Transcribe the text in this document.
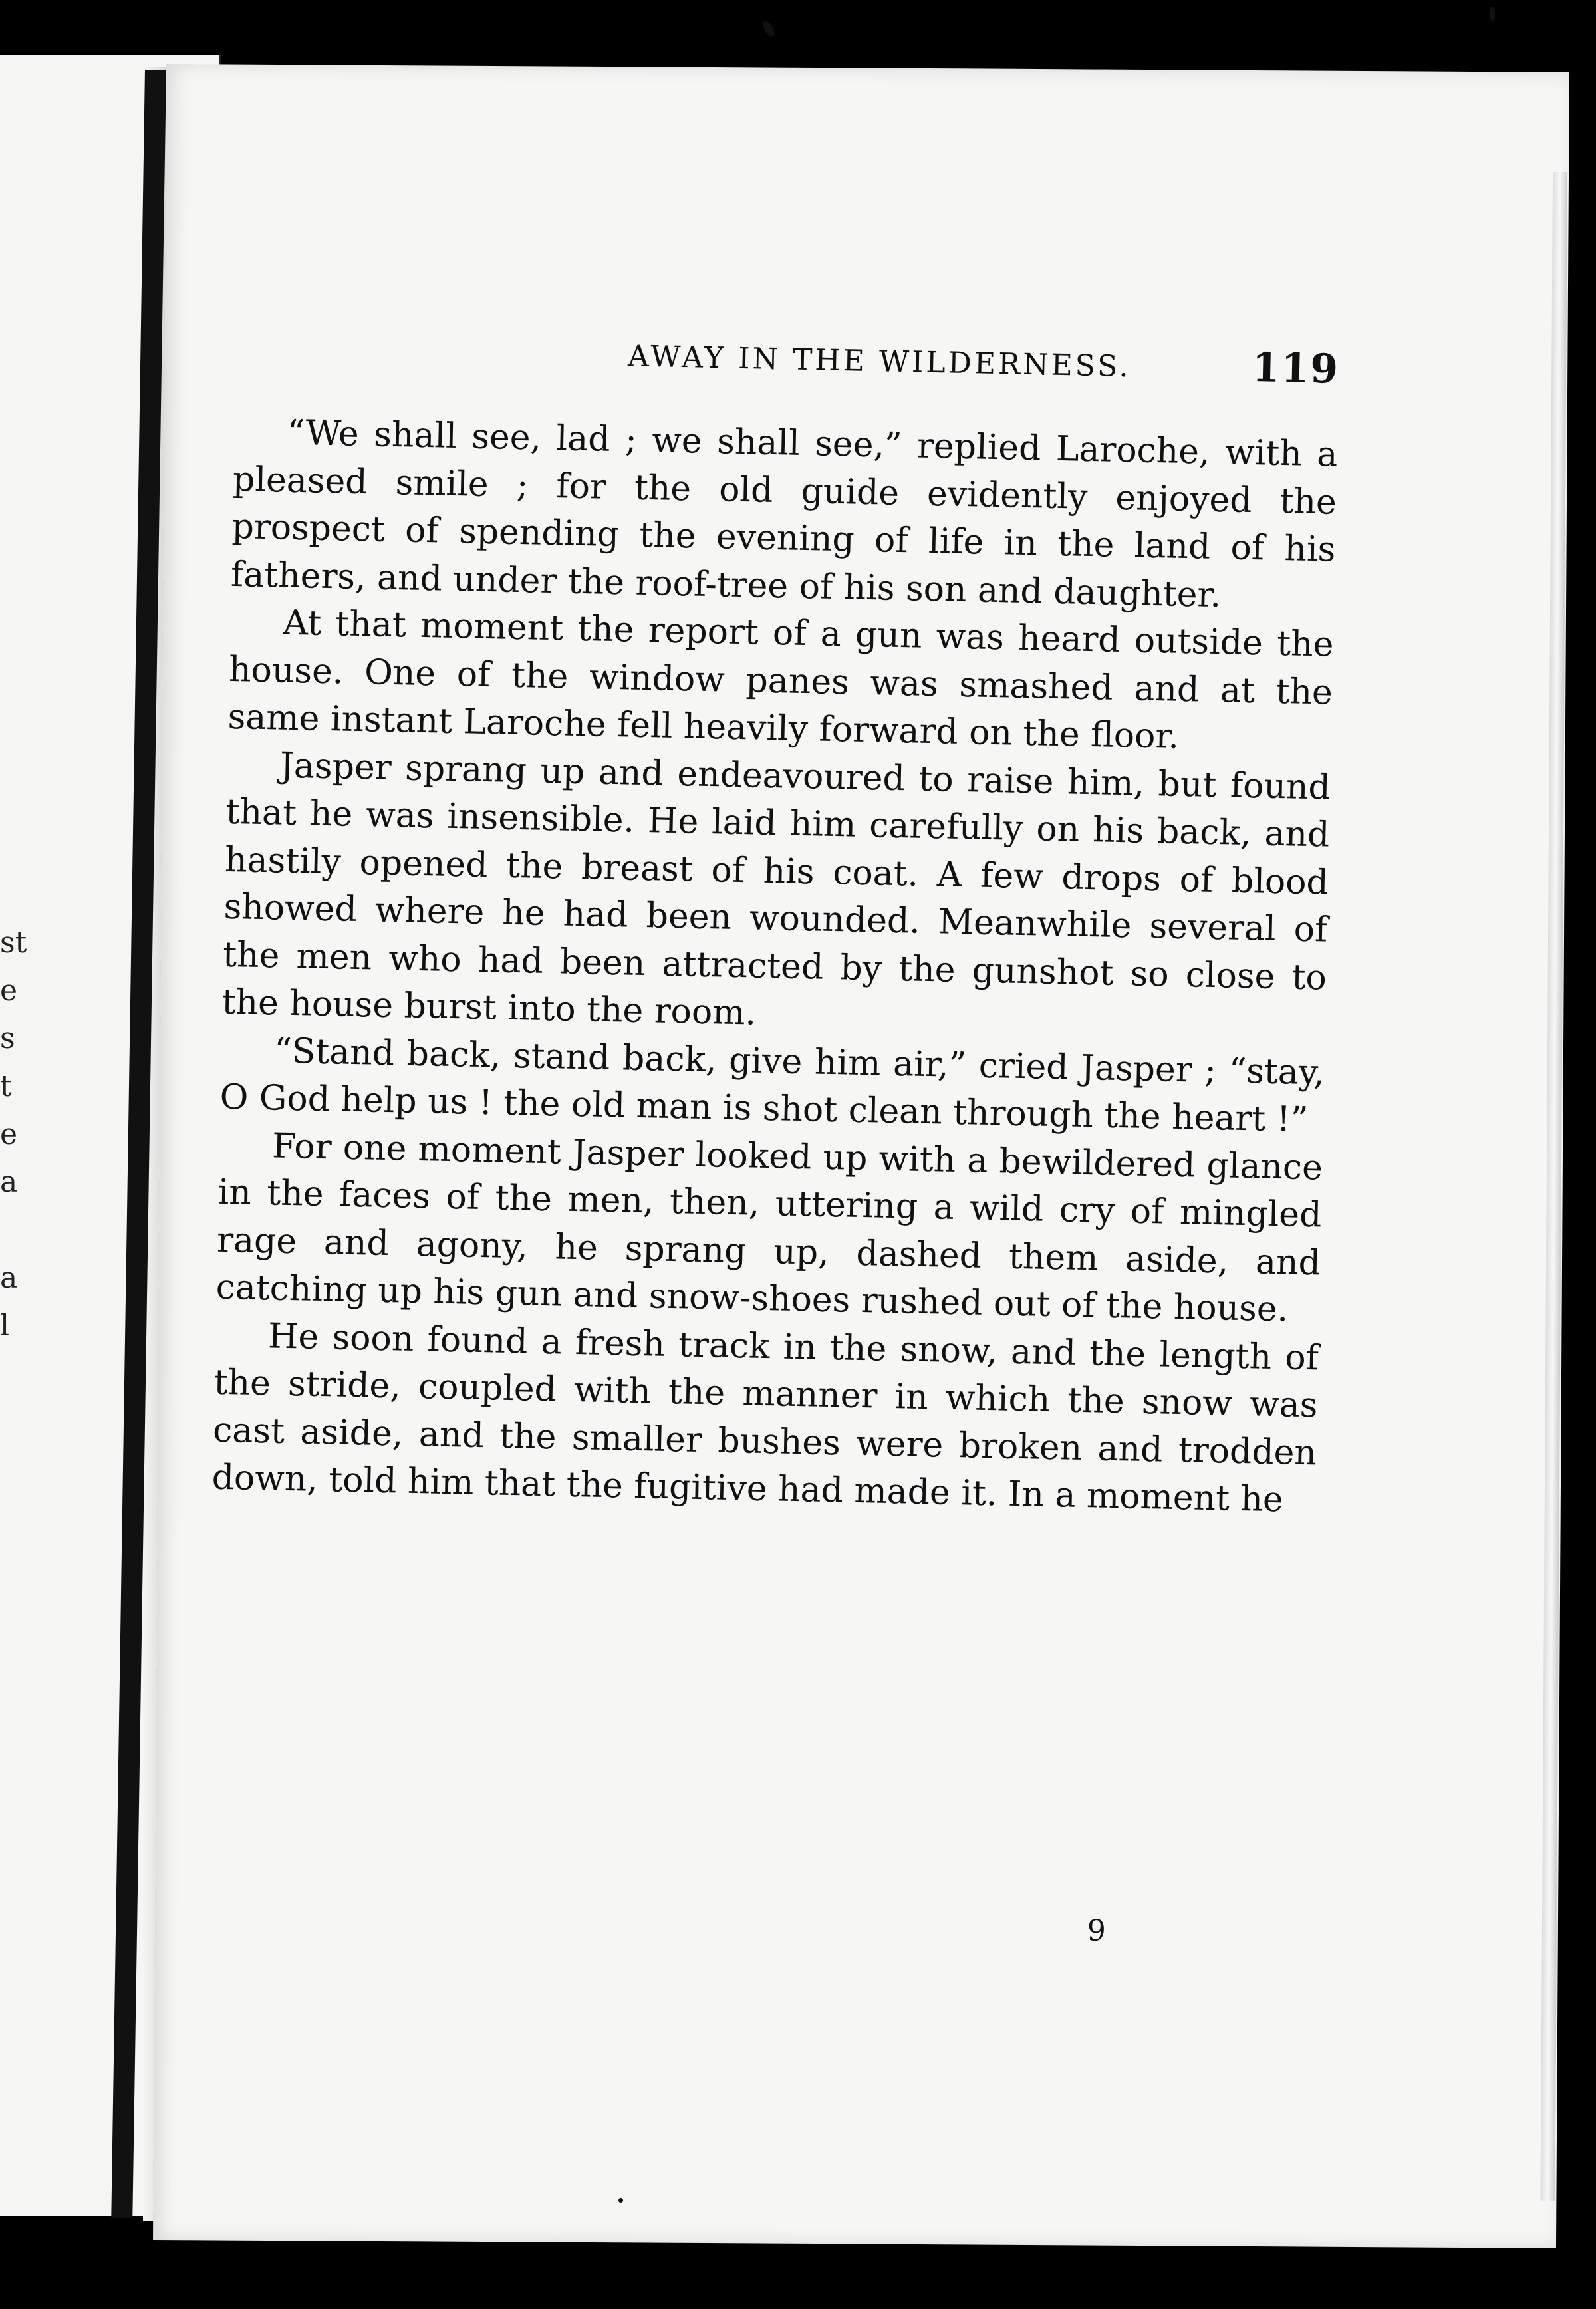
st
e
s
t
e
a

a
l
AWAY IN THE WILDERNESS.	119

“We shall see, lad ; we shall see,” replied Laroche, with a pleased smile ; for the old guide evidently enjoyed the prospect of spending the evening of life in the land of his fathers, and under the roof-tree of his son and daughter.

At that moment the report of a gun was heard outside the house. One of the window panes was smashed and at the same instant Laroche fell heavily forward on the floor.

Jasper sprang up and endeavoured to raise him, but found that he was insensible. He laid him carefully on his back, and hastily opened the breast of his coat. A few drops of blood showed where he had been wounded. Meanwhile several of the men who had been attracted by the gunshot so close to the house burst into the room.

“Stand back, stand back, give him air,” cried Jasper ; “stay, O God help us ! the old man is shot clean through the heart !”

For one moment Jasper looked up with a bewildered glance in the faces of the men, then, uttering a wild cry of mingled rage and agony, he sprang up, dashed them aside, and catching up his gun and snow-shoes rushed out of the house.

He soon found a fresh track in the snow, and the length of the stride, coupled with the manner in which the snow was cast aside, and the smaller bushes were broken and trodden down, told him that the fugitive had made it. In a moment he

9
